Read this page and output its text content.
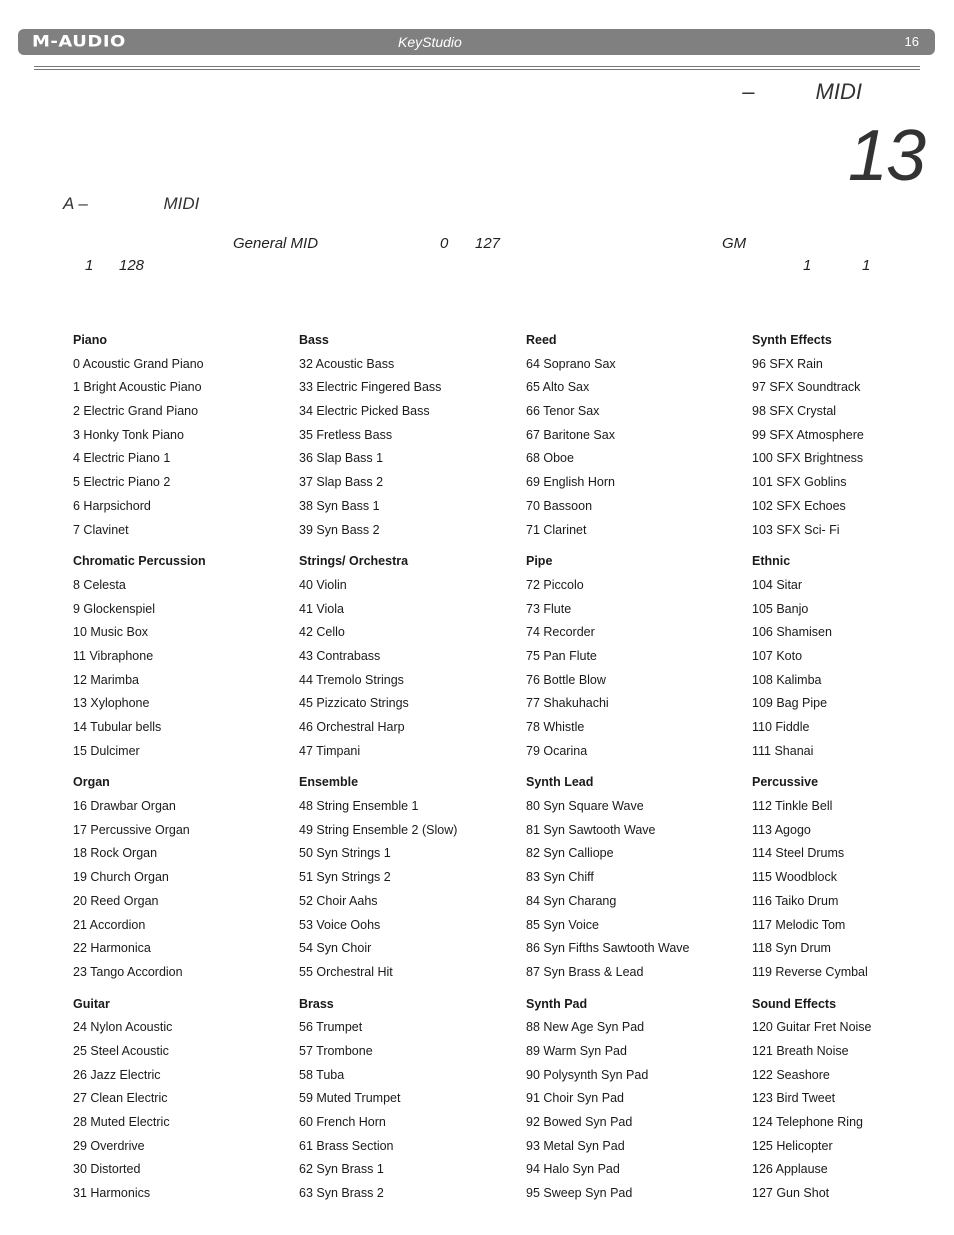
M-AUDIO	KeyStudio	16
–          MIDI
13
A –                MIDI
General MID	0 127	GM
1 128	1	1
Piano
0 Acoustic Grand Piano
1 Bright Acoustic Piano
2 Electric Grand Piano
3 Honky Tonk Piano
4 Electric Piano 1
5 Electric Piano 2
6 Harpsichord
7 Clavinet
Chromatic Percussion
8 Celesta
9 Glockenspiel
10 Music Box
11 Vibraphone
12 Marimba
13 Xylophone
14 Tubular bells
15 Dulcimer
Organ
16 Drawbar Organ
17 Percussive Organ
18 Rock Organ
19 Church Organ
20 Reed Organ
21 Accordion
22 Harmonica
23 Tango Accordion
Guitar
24 Nylon Acoustic
25 Steel Acoustic
26 Jazz Electric
27 Clean Electric
28 Muted Electric
29 Overdrive
30 Distorted
31 Harmonics
Bass
32 Acoustic Bass
33 Electric Fingered Bass
34 Electric Picked Bass
35 Fretless Bass
36 Slap Bass 1
37 Slap Bass 2
38 Syn Bass 1
39 Syn Bass 2
Strings/ Orchestra
40 Violin
41 Viola
42 Cello
43 Contrabass
44 Tremolo Strings
45 Pizzicato Strings
46 Orchestral Harp
47 Timpani
Ensemble
48 String Ensemble 1
49 String Ensemble 2 (Slow)
50 Syn Strings 1
51 Syn Strings 2
52 Choir Aahs
53 Voice Oohs
54 Syn Choir
55 Orchestral Hit
Brass
56 Trumpet
57 Trombone
58 Tuba
59 Muted Trumpet
60 French Horn
61 Brass Section
62 Syn Brass 1
63 Syn Brass 2
Reed
64 Soprano Sax
65 Alto Sax
66 Tenor Sax
67 Baritone Sax
68 Oboe
69 English Horn
70 Bassoon
71 Clarinet
Pipe
72 Piccolo
73 Flute
74 Recorder
75 Pan Flute
76 Bottle Blow
77 Shakuhachi
78 Whistle
79 Ocarina
Synth Lead
80 Syn Square Wave
81 Syn Sawtooth Wave
82 Syn Calliope
83 Syn Chiff
84 Syn Charang
85 Syn Voice
86 Syn Fifths Sawtooth Wave
87 Syn Brass & Lead
Synth Pad
88 New Age Syn Pad
89 Warm Syn Pad
90 Polysynth Syn Pad
91 Choir Syn Pad
92 Bowed Syn Pad
93 Metal Syn Pad
94 Halo Syn Pad
95 Sweep Syn Pad
Synth Effects
96 SFX Rain
97 SFX Soundtrack
98 SFX Crystal
99 SFX Atmosphere
100 SFX Brightness
101 SFX Goblins
102 SFX Echoes
103 SFX Sci- Fi
Ethnic
104 Sitar
105 Banjo
106 Shamisen
107 Koto
108 Kalimba
109 Bag Pipe
110 Fiddle
111 Shanai
Percussive
112 Tinkle Bell
113 Agogo
114 Steel Drums
115 Woodblock
116 Taiko Drum
117 Melodic Tom
118 Syn Drum
119 Reverse Cymbal
Sound Effects
120 Guitar Fret Noise
121 Breath Noise
122 Seashore
123 Bird Tweet
124 Telephone Ring
125 Helicopter
126 Applause
127 Gun Shot
